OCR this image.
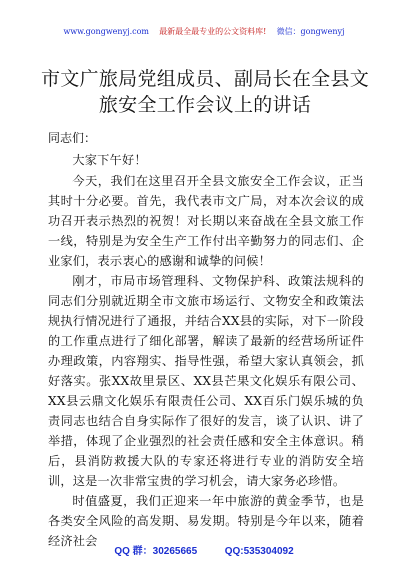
www.gongwenyj.com 最新最全最专业的公文资料库! 微信：gongwenyj
市文广旅局党组成员、副局长在全县文旅安全工作会议上的讲话
同志们：

大家下午好！

今天，我们在这里召开全县文旅安全工作会议，正当其时十分必要。首先，我代表市文广局，对本次会议的成功召开表示热烈的祝贺！对长期以来奋战在全县文旅工作一线，特别是为安全生产工作付出辛勤努力的同志们、企业家们，表示衷心的感谢和诚挚的问候！

刚才，市局市场管理科、文物保护科、政策法规科的同志们分别就近期全市文旅市场运行、文物安全和政策法规执行情况进行了通报，并结合XX县的实际，对下一阶段的工作重点进行了细化部署，解读了最新的经营场所证件办理政策，内容翔实、指导性强，希望大家认真领会，抓好落实。张XX故里景区、XX县芒果文化娱乐有限公司、XX县云鼎文化娱乐有限责任公司、XX百乐门娱乐城的负责同志也结合自身实际作了很好的发言，谈了认识、讲了举措，体现了企业强烈的社会责任感和安全主体意识。稍后，县消防救援大队的专家还将进行专业的消防安全培训，这是一次非常宝贵的学习机会，请大家务必珍惜。

时值盛夏，我们正迎来一年中旅游的黄金季节，也是各类安全风险的高发期、易发期。特别是今年以来，随着经济社会

QQ 群：30265665	QQ:535304092
